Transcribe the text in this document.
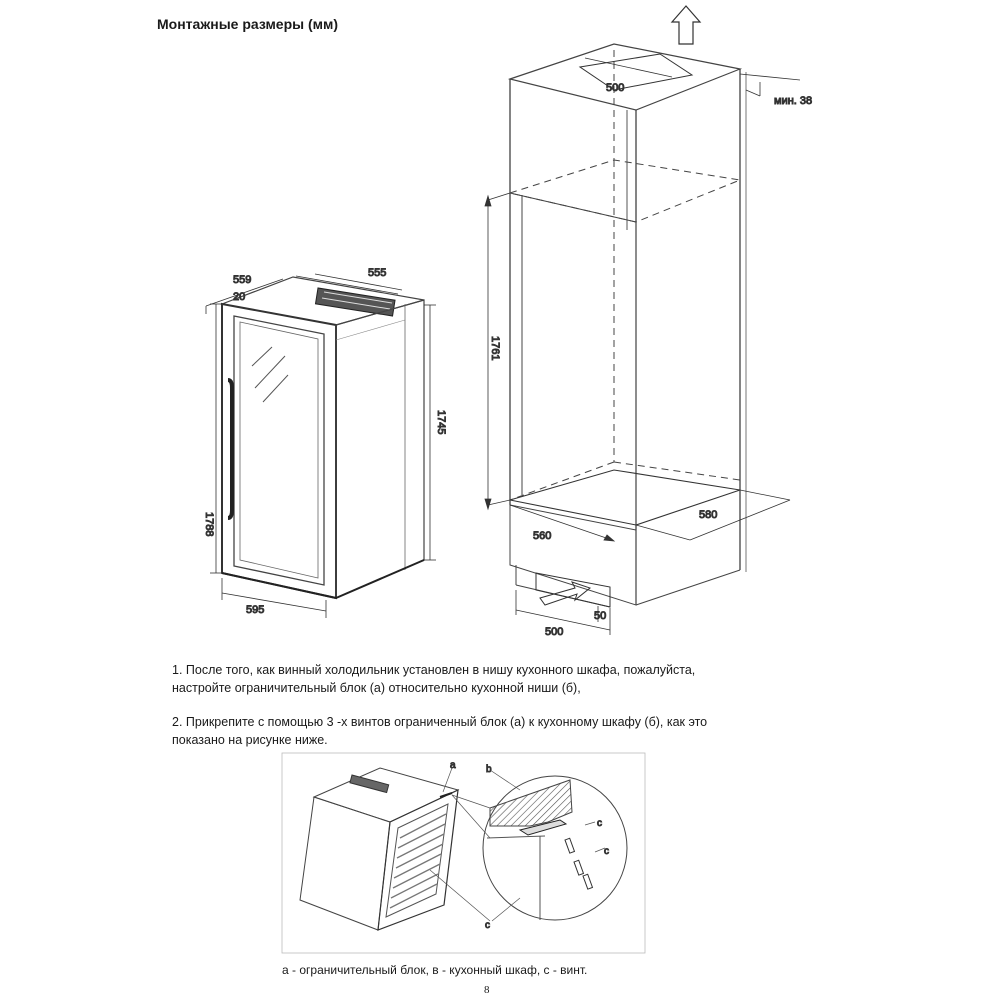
Монтажные размеры (мм)
559
20
555
1745
1788
595
500
мин. 38
1761
560
580
500
50
a	b
c
c
c
1. После того, как винный холодильник установлен в нишу кухонного шкафа, пожалуйста,
настройте ограничительный блок (а) относительно кухонной ниши (б),
2. Прикрепите с помощью 3 -х винтов ограниченный блок (а) к кухонному шкафу (б), как это
показано на рисунке ниже.
а - ограничительный блок, в - кухонный шкаф, с - винт.
8
